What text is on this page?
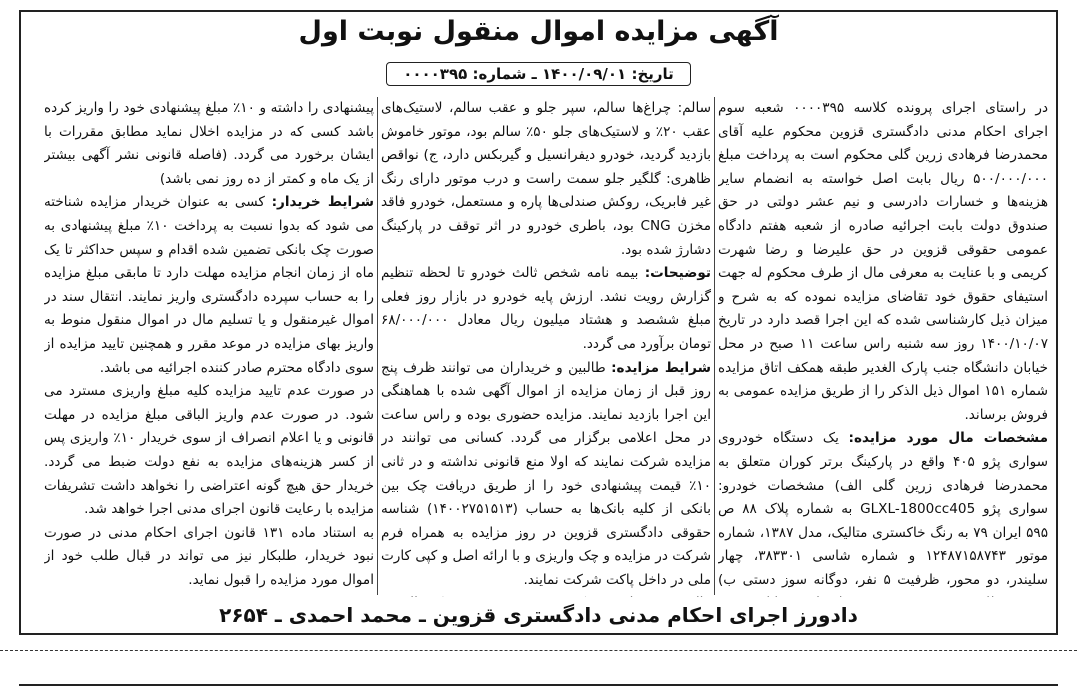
آگهی مزایده اموال منقول نوبت اول
تاریخ: ۱۴۰۰/۰۹/۰۱ ـ شماره: ۰۰۰۰۳۹۵

در راستای اجرای پرونده کلاسه ۰۰۰۰۳۹۵ شعبه سوم اجرای احکام مدنی دادگستری قزوین محکوم علیه آقای محمدرضا فرهادی زرین گلی محکوم است به پرداخت مبلغ ۵۰۰/۰۰۰/۰۰۰ ریال بابت اصل خواسته به انضمام سایر هزینه‌ها و خسارات دادرسی و نیم عشر دولتی در حق صندوق دولت بابت اجرائیه صادره از شعبه هفتم دادگاه عمومی حقوقی قزوین در حق علیرضا و رضا شهرت کریمی و با عنایت به معرفی مال از طرف محکوم له جهت استیفای حقوق خود تقاضای مزایده نموده که به شرح و میزان ذیل کارشناسی شده که این اجرا قصد دارد در تاریخ ۱۴۰۰/۱۰/۰۷ روز سه شنبه راس ساعت ۱۱ صبح در محل خیابان دانشگاه جنب پارک الغدیر طبقه همکف اتاق مزایده شماره ۱۵۱ اموال ذیل الذکر را از طریق مزایده عمومی به فروش برساند.

مشخصات مال مورد مزایده: یک دستگاه خودروی سواری پژو ۴۰۵ واقع در پارکینگ برتر کوران متعلق به محمدرضا فرهادی زرین گلی الف) مشخصات خودرو: سواری پژو GLXL-1800cc405 به شماره پلاک ۸۸ ص ۵۹۵ ایران ۷۹ به رنگ خاکستری متالیک، مدل ۱۳۸۷، شماره موتور ۱۲۴۸۷۱۵۸۷۴۳ و شماره شاسی ۳۸۳۳۰۱، چهار سلیندر، دو محور، ظرفیت ۵ نفر، دوگانه سوز دستی ب)

سالم: چراغ‌ها سالم، سپر جلو و عقب سالم، لاستیک‌های عقب ۲۰٪ و لاستیک‌های جلو ۵۰٪ سالم بود، موتور خاموش بازدید گردید، خودرو دیفرانسیل و گیربکس دارد، ج) نواقص ظاهری: گلگیر جلو سمت راست و درب موتور دارای رنگ غیر فابریک، روکش صندلی‌ها پاره و مستعمل، خودرو فاقد مخزن CNG بود، باطری خودرو در اثر توقف در پارکینگ دشارژ شده بود.

توضیحات: بیمه نامه شخص ثالث خودرو تا لحظه تنظیم گزارش رویت نشد. ارزش پایه خودرو در بازار روز فعلی مبلغ ششصد و هشتاد میلیون ریال معادل ۶۸/۰۰۰/۰۰۰ تومان برآورد می گردد.

شرایط مزایده: طالبین و خریداران می توانند ظرف پنج روز قبل از زمان مزایده از اموال آگهی شده با هماهنگی این اجرا بازدید نمایند. مزایده حضوری بوده و راس ساعت در محل اعلامی برگزار می گردد. کسانی می توانند در مزایده شرکت نمایند که اولا منع قانونی نداشته و در ثانی ۱۰٪ قیمت پیشنهادی خود را از طریق دریافت چک بین بانکی از کلیه بانک‌ها به حساب (۱۴۰۰۲۷۵۱۵۱۳) شناسه حقوقی دادگستری قزوین در روز مزایده به همراه فرم شرکت در مزایده و چک واریزی و با ارائه اصل و کپی کارت ملی در داخل پاکت شرکت نمایند.

پیشنهادی را داشته و ۱۰٪ مبلغ پیشنهادی خود را واریز کرده باشد کسی که در مزایده اخلال نماید مطابق مقررات با ایشان برخورد می گردد. (فاصله قانونی نشر آگهی بیشتر از یک ماه و کمتر از ده روز نمی باشد)

شرایط خریدار: کسی به عنوان خریدار مزایده شناخته می شود که بدوا نسبت به پرداخت ۱۰٪ مبلغ پیشنهادی به صورت چک بانکی تضمین شده اقدام و سپس حداکثر تا یک ماه از زمان انجام مزایده مهلت دارد تا مابقی مبلغ مزایده را به حساب سپرده دادگستری واریز نمایند. انتقال سند در اموال غیرمنقول و یا تسلیم مال در اموال منقول منوط به واریز بهای مزایده در موعد مقرر و همچنین تایید مزایده از سوی دادگاه محترم صادر کننده اجرائیه می باشد.

در صورت عدم تایید مزایده کلیه مبلغ واریزی مسترد می شود. در صورت عدم واریز الباقی مبلغ مزایده در مهلت قانونی و یا اعلام انصراف از سوی خریدار ۱۰٪ واریزی پس از کسر هزینه‌های مزایده به نفع دولت ضبط می گردد. خریدار حق هیچ گونه اعتراضی را نخواهد داشت تشریفات مزایده با رعایت قانون اجرای مدنی اجرا خواهد شد.

به استناد ماده ۱۳۱ قانون اجرای احکام مدنی در صورت نبود خریدار، طلبکار نیز می تواند در قبال طلب خود از اموال مورد مزایده را قبول نماید.

دادورز اجرای احکام مدنی دادگستری قزوین ـ محمد احمدی ـ ۲۶۵۴
